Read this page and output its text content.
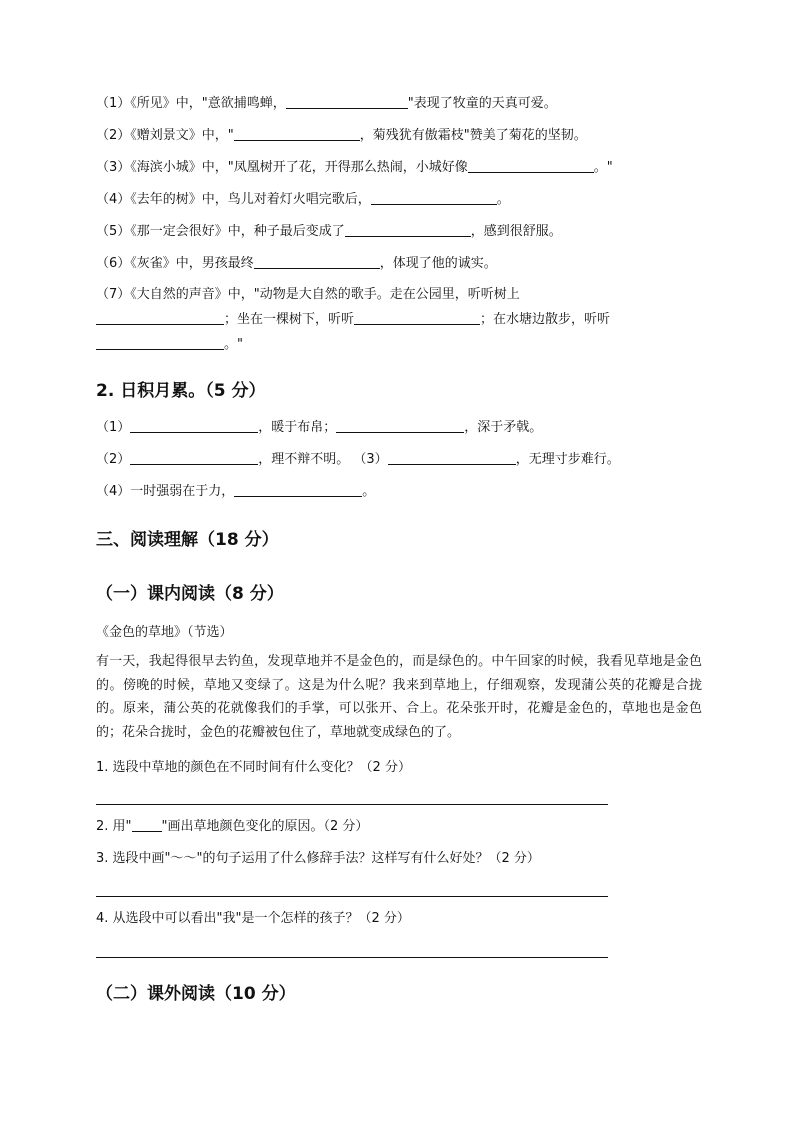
（1）《所见》中，"意欲捕鸣蝉，	"表现了牧童的天真可爱。
（2）《赠刘景文》中，"	，菊残犹有傲霜枝"赞美了菊花的坚韧。
（3）《海滨小城》中，"凤凰树开了花，开得那么热闹，小城好像	。"
（4）《去年的树》中，鸟儿对着灯火唱完歌后，	。
（5）《那一定会很好》中，种子最后变成了	，感到很舒服。
（6）《灰雀》中，男孩最终	，体现了他的诚实。
（7）《大自然的声音》中，"动物是大自然的歌手。走在公园里，听听树上
；坐在一棵树下，听听	；在水塘边散步，听听
。"
2. 日积月累。（5 分）
（1）	，暖于布帛；	，深于矛戟。
（2）	，理不辩不明。 （3）	，无理寸步难行。
（4）一时强弱在于力，	。
三、阅读理解（18 分）
（一）课内阅读（8 分）
《金色的草地》（节选）
有一天，我起得很早去钓鱼，发现草地并不是金色的，而是绿色的。中午回家的时候，我看见草地是金色的。傍晚的时候，草地又变绿了。这是为什么呢？我来到草地上，仔细观察，发现蒲公英的花瓣是合拢的。原来，蒲公英的花就像我们的手掌，可以张开、合上。花朵张开时，花瓣是金色的，草地也是金色的；花朵合拢时，金色的花瓣被包住了，草地就变成绿色的了。
1. 选段中草地的颜色在不同时间有什么变化？（2 分）
2. 用" "画出草地颜色变化的原因。（2 分）
3. 选段中画"～～"的句子运用了什么修辞手法？这样写有什么好处？（2 分）
4. 从选段中可以看出"我"是一个怎样的孩子？（2 分）
（二）课外阅读（10 分）
